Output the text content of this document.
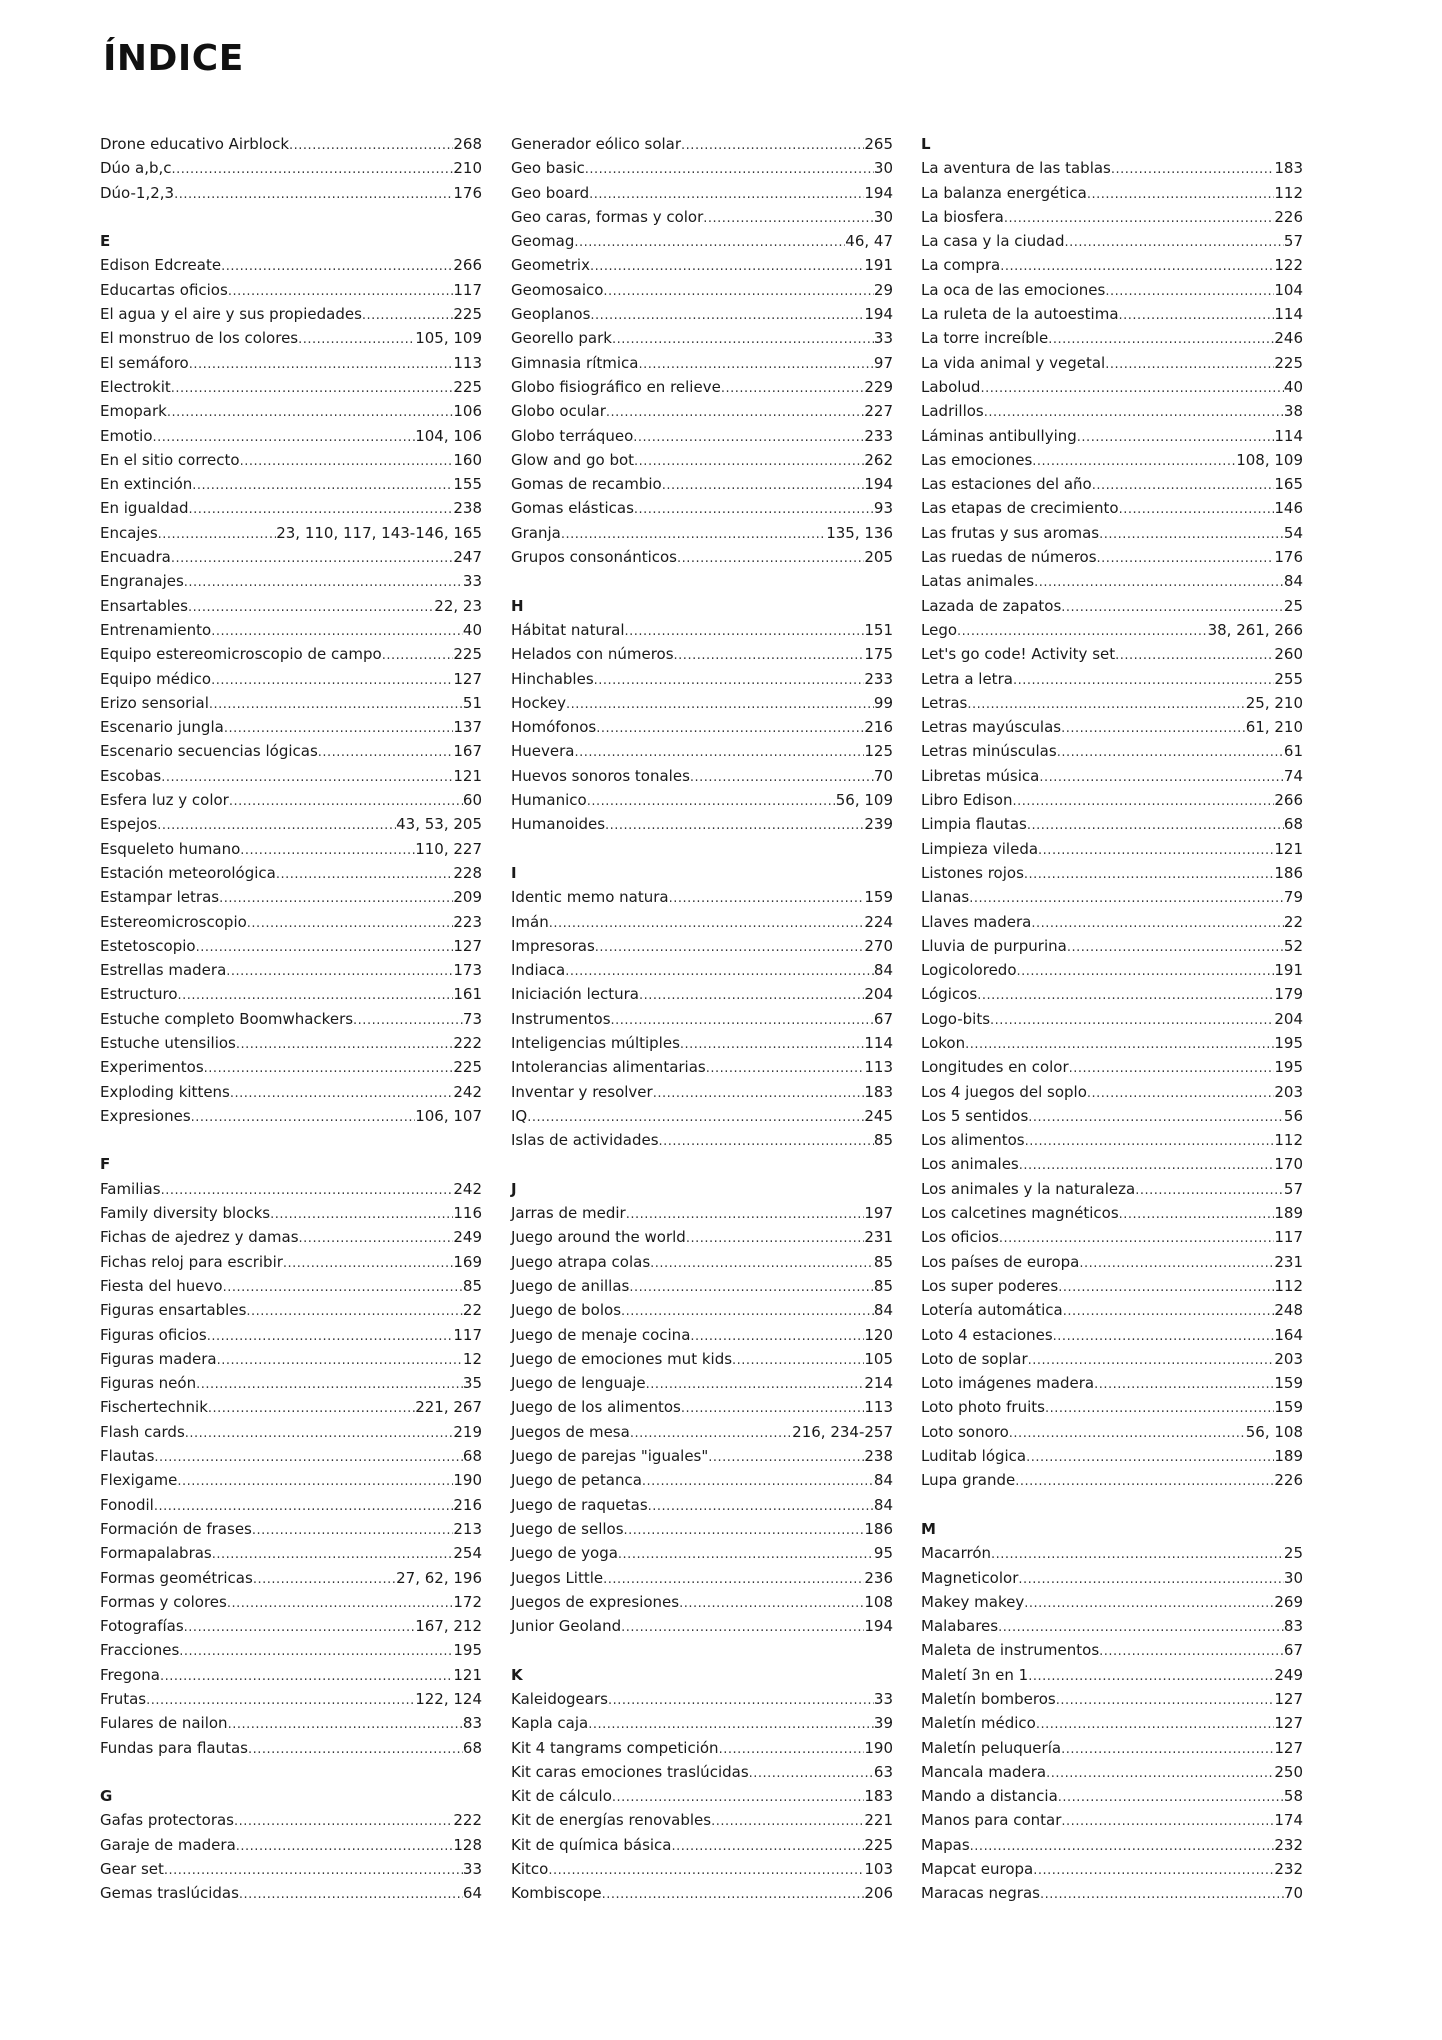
ÍNDICE
Drone educativo Airblock .....	268
Dúo a,b,c .....	210
Dúo-1,2,3 .....	176
E
Edison Edcreate .....	266
Educartas oficios .....	117
El agua y el aire y sus propiedades .....	225
El monstruo de los colores .....	105, 109
El semáforo .....	113
Electrokit .....	225
Emopark .....	106
Emotio .....	104, 106
En el sitio correcto .....	160
En extinción .....	155
En igualdad .....	238
Encajes .....	23, 110, 117, 143-146, 165
Encuadra .....	247
Engranajes .....	33
Ensartables .....	22, 23
Entrenamiento .....	40
Equipo estereomicroscopio de campo .....	225
Equipo médico .....	127
Erizo sensorial .....	51
Escenario jungla .....	137
Escenario secuencias lógicas .....	167
Escobas .....	121
Esfera luz y color .....	60
Espejos .....	43, 53, 205
Esqueleto humano .....	110, 227
Estación meteorológica .....	228
Estampar letras .....	209
Estereomicroscopio .....	223
Estetoscopio .....	127
Estrellas madera .....	173
Estructuro .....	161
Estuche completo Boomwhackers .....	73
Estuche utensilios .....	222
Experimentos .....	225
Exploding kittens .....	242
Expresiones .....	106, 107
F
Familias .....	242
Family diversity blocks .....	116
Fichas de ajedrez y damas .....	249
Fichas reloj para escribir .....	169
Fiesta del huevo .....	85
Figuras ensartables .....	22
Figuras oficios .....	117
Figuras madera .....	12
Figuras neón .....	35
Fischertechnik .....	221, 267
Flash cards .....	219
Flautas .....	68
Flexigame .....	190
Fonodil .....	216
Formación de frases .....	213
Formapalabras .....	254
Formas geométricas .....	27, 62, 196
Formas y colores .....	172
Fotografías .....	167, 212
Fracciones .....	195
Fregona .....	121
Frutas .....	122, 124
Fulares de nailon .....	83
Fundas para flautas .....	68
G
Gafas protectoras .....	222
Garaje de madera .....	128
Gear set .....	33
Gemas traslúcidas .....	64
Generador eólico solar .....	265
Geo basic .....	30
Geo board .....	194
Geo caras, formas y color .....	30
Geomag .....	46, 47
Geometrix .....	191
Geomosaico .....	29
Geoplanos .....	194
Georello park .....	33
Gimnasia rítmica .....	97
Globo fisiográfico en relieve .....	229
Globo ocular .....	227
Globo terráqueo .....	233
Glow and go bot .....	262
Gomas de recambio .....	194
Gomas elásticas .....	93
Granja .....	135, 136
Grupos consonánticos .....	205
H
Hábitat natural .....	151
Helados con números .....	175
Hinchables .....	233
Hockey .....	99
Homófonos .....	216
Huevera .....	125
Huevos sonoros tonales .....	70
Humanico .....	56, 109
Humanoides .....	239
I
Identic memo natura .....	159
Imán .....	224
Impresoras .....	270
Indiaca .....	84
Iniciación lectura .....	204
Instrumentos .....	67
Inteligencias múltiples .....	114
Intolerancias alimentarias .....	113
Inventar y resolver .....	183
IQ .....	245
Islas de actividades .....	85
J
Jarras de medir .....	197
Juego around the world .....	231
Juego atrapa colas .....	85
Juego de anillas .....	85
Juego de bolos .....	84
Juego de menaje cocina .....	120
Juego de emociones mut kids .....	105
Juego de lenguaje .....	214
Juego de los alimentos .....	113
Juegos de mesa .....	216, 234-257
Juego de parejas "iguales" .....	238
Juego de petanca .....	84
Juego de raquetas .....	84
Juego de sellos .....	186
Juego de yoga .....	95
Juegos Little .....	236
Juegos de expresiones .....	108
Junior Geoland .....	194
K
Kaleidogears .....	33
Kapla caja .....	39
Kit 4 tangrams competición .....	190
Kit caras emociones traslúcidas .....	63
Kit de cálculo .....	183
Kit de energías renovables .....	221
Kit de química básica .....	225
Kitco .....	103
Kombiscope .....	206
L
La aventura de las tablas .....	183
La balanza energética .....	112
La biosfera .....	226
La casa y la ciudad .....	57
La compra .....	122
La oca de las emociones .....	104
La ruleta de la autoestima .....	114
La torre increíble .....	246
La vida animal y vegetal .....	225
Labolud .....	40
Ladrillos .....	38
Láminas antibullying .....	114
Las emociones .....	108, 109
Las estaciones del año .....	165
Las etapas de crecimiento .....	146
Las frutas y sus aromas .....	54
Las ruedas de números .....	176
Latas animales .....	84
Lazada de zapatos .....	25
Lego .....	38, 261, 266
Let's go code! Activity set .....	260
Letra a letra .....	255
Letras .....	25, 210
Letras mayúsculas .....	61, 210
Letras minúsculas .....	61
Libretas música .....	74
Libro Edison .....	266
Limpia flautas .....	68
Limpieza vileda .....	121
Listones rojos .....	186
Llanas .....	79
Llaves madera .....	22
Lluvia de purpurina .....	52
Logicoloredo .....	191
Lógicos .....	179
Logo-bits .....	204
Lokon .....	195
Longitudes en color .....	195
Los 4 juegos del soplo .....	203
Los 5 sentidos .....	56
Los alimentos .....	112
Los animales .....	170
Los animales y la naturaleza .....	57
Los calcetines magnéticos .....	189
Los oficios .....	117
Los países de europa .....	231
Los super poderes .....	112
Lotería automática .....	248
Loto 4 estaciones .....	164
Loto de soplar .....	203
Loto imágenes madera .....	159
Loto photo fruits .....	159
Loto sonoro .....	56, 108
Luditab lógica .....	189
Lupa grande .....	226
M
Macarrón .....	25
Magneticolor .....	30
Makey makey .....	269
Malabares .....	83
Maleta de instrumentos .....	67
Maletí 3n en 1 .....	249
Maletín bomberos .....	127
Maletín médico .....	127
Maletín peluquería .....	127
Mancala madera .....	250
Mando a distancia .....	58
Manos para contar .....	174
Mapas .....	232
Mapcat europa .....	232
Maracas negras .....	70
